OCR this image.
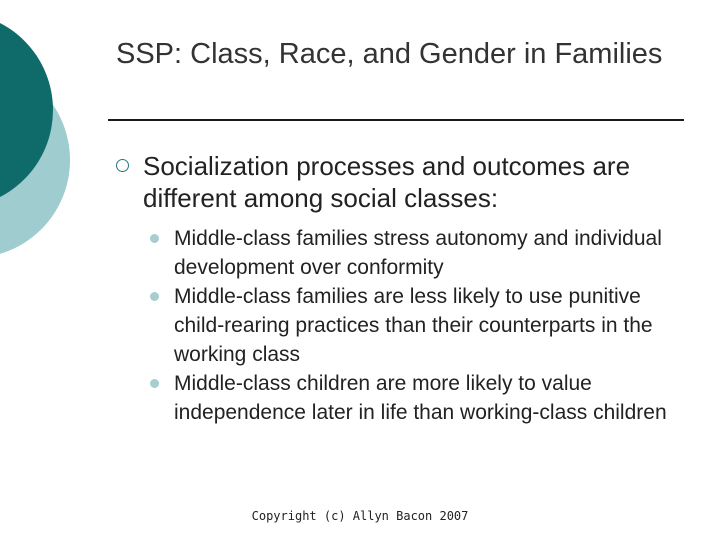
SSP: Class, Race, and Gender in Families
Socialization processes and outcomes are different among social classes:
Middle-class families stress autonomy and individual development over conformity
Middle-class families are less likely to use punitive child-rearing practices than their counterparts in the working class
Middle-class children are more likely to value independence later in life than working-class children
Copyright (c) Allyn Bacon 2007
